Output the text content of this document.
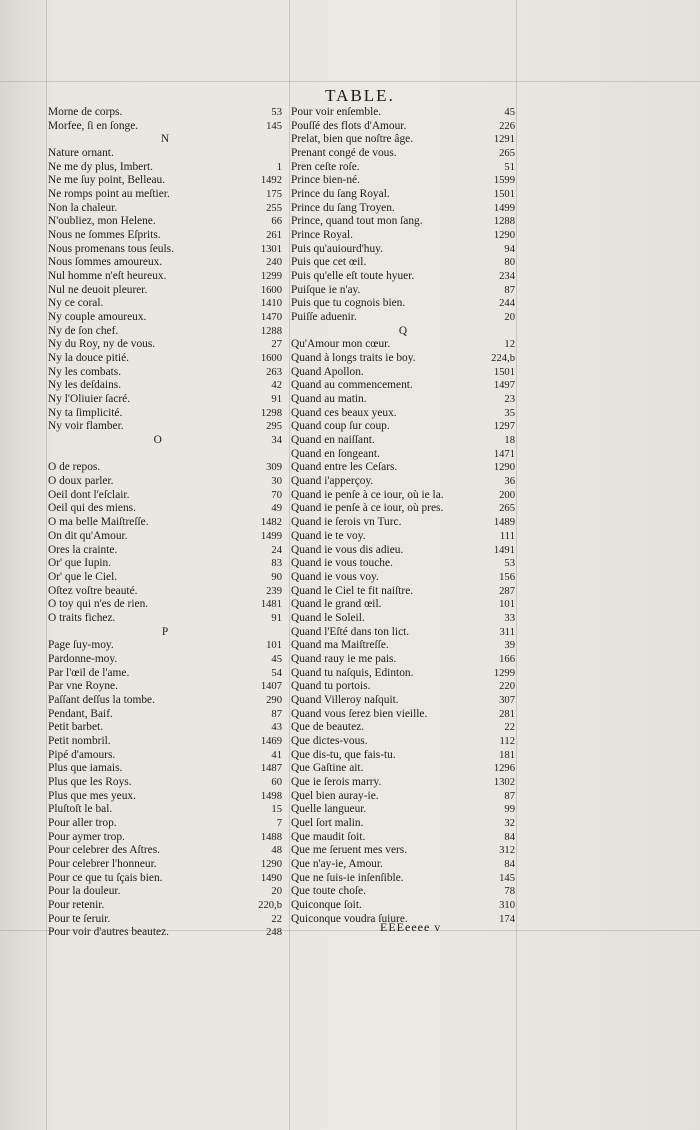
TABLE.
Morne de corps.	53
Morfee, ſi en ſonge.	145
N
Nature ornant.
Ne me dy plus, Imbert.	1
Ne me ſuy point, Belleau.	1492
Ne romps point au meſtier.	175
Non la chaleur.	255
N'oubliez, mon Helene.	66
Nous ne ſommes Eſprits.	261
Nous promenans tous ſeuls.	1301
Nous ſommes amoureux.	240
Nul homme n'eſt heureux.	1299
Nul ne deuoit pleurer.	1600
Ny ce coral.	1410
Ny couple amoureux.	1470
Ny de ſon chef.	1288
Ny du Roy, ny de vous.	27
Ny la douce pitié.	1600
Ny les combats.	263
Ny les deſdains.	42
Ny l'Oliuier ſacré.	91
Ny ta ſimplicité.	1298
Ny voir flamber.	295
O	34
O de repos.	309
O doux parler.	30
Oeil dont l'eſclair.	70
Oeil qui des miens.	49
O ma belle Maiſtreſſe.	1482
On dit qu'Amour.	1499
Ores la crainte.	24
Or' que Iupin.	83
Or' que le Ciel.	90
Oſtez voſtre beauté.	239
O toy qui n'es de rien.	1481
O traits fichez.	91
P
Page ſuy-moy.	101
Pardonne-moy.	45
Par l'œil de l'ame.	54
Par vne Royne.	1407
Paſſant deſſus la tombe.	290
Pendant, Baif.	87
Petit barbet.	43
Petit nombril.	1469
Pipé d'amours.	41
Plus que iamais.	1487
Plus que les Roys.	60
Plus que mes yeux.	1498
Pluſtoſt le bal.	15
Pour aller trop.	7
Pour aymer trop.	1488
Pour celebrer des Aſtres.	48
Pour celebrer l'honneur.	1290
Pour ce que tu ſçais bien.	1490
Pour la douleur.	20
Pour retenir.	220,b
Pour te ſeruir.	22
Pour voir d'autres beautez.	248
Pour voir enſemble.	45
Pouſſé des flots d'Amour.	226
Prelat, bien que noſtre âge.	1291
Prenant congé de vous.	265
Pren ceſte roſe.	51
Prince bien-né.	1599
Prince du ſang Royal.	1501
Prince du ſang Troyen.	1499
Prince, quand tout mon ſang.	1288
Prince Royal.	1290
Puis qu'auiourd'huy.	94
Puis que cet œil.	80
Puis qu'elle eſt toute hyuer.	234
Puiſque ie n'ay.	87
Puis que tu cognois bien.	244
Puiſſe aduenir.	20
Q
Qu'Amour mon cœur.	12
Quand à longs traits ie boy.	224,b
Quand Apollon.	1501
Quand au commencement.	1497
Quand au matin.	23
Quand ces beaux yeux.	35
Quand coup ſur coup.	1297
Quand en naiſſant.	18
Quand en ſongeant.	1471
Quand entre les Ceſars.	1290
Quand i'apperçoy.	36
Quand ie penſe à ce iour, où ie la.	200
Quand ie penſe à ce iour, où pres.	265
Quand ie ſerois vn Turc.	1489
Quand ie te voy.	111
Quand ie vous dis adieu.	1491
Quand ie vous touche.	53
Quand ie vous voy.	156
Quand le Ciel te fit naiſtre.	287
Quand le grand œil.	101
Quand le Soleil.	33
Quand l'Eſté dans ton lict.	311
Quand ma Maiſtreſſe.	39
Quand rauy ie me pais.	166
Quand tu naſquis, Edinton.	1299
Quand tu portois.	220
Quand Villeroy naſquit.	307
Quand vous ſerez bien vieille.	281
Que de beautez.	22
Que dictes-vous.	112
Que dis-tu, que fais-tu.	181
Que Gaſtine ait.	1296
Que ie ſerois marry.	1302
Quel bien auray-ie.	87
Quelle langueur.	99
Quel ſort malin.	32
Que maudit ſoit.	84
Que me ſeruent mes vers.	312
Que n'ay-ie, Amour.	84
Que ne ſuis-ie inſenſible.	145
Que toute choſe.	78
Quiconque ſoit.	310
Quiconque voudra ſuiure.	174
EEEeeee v
